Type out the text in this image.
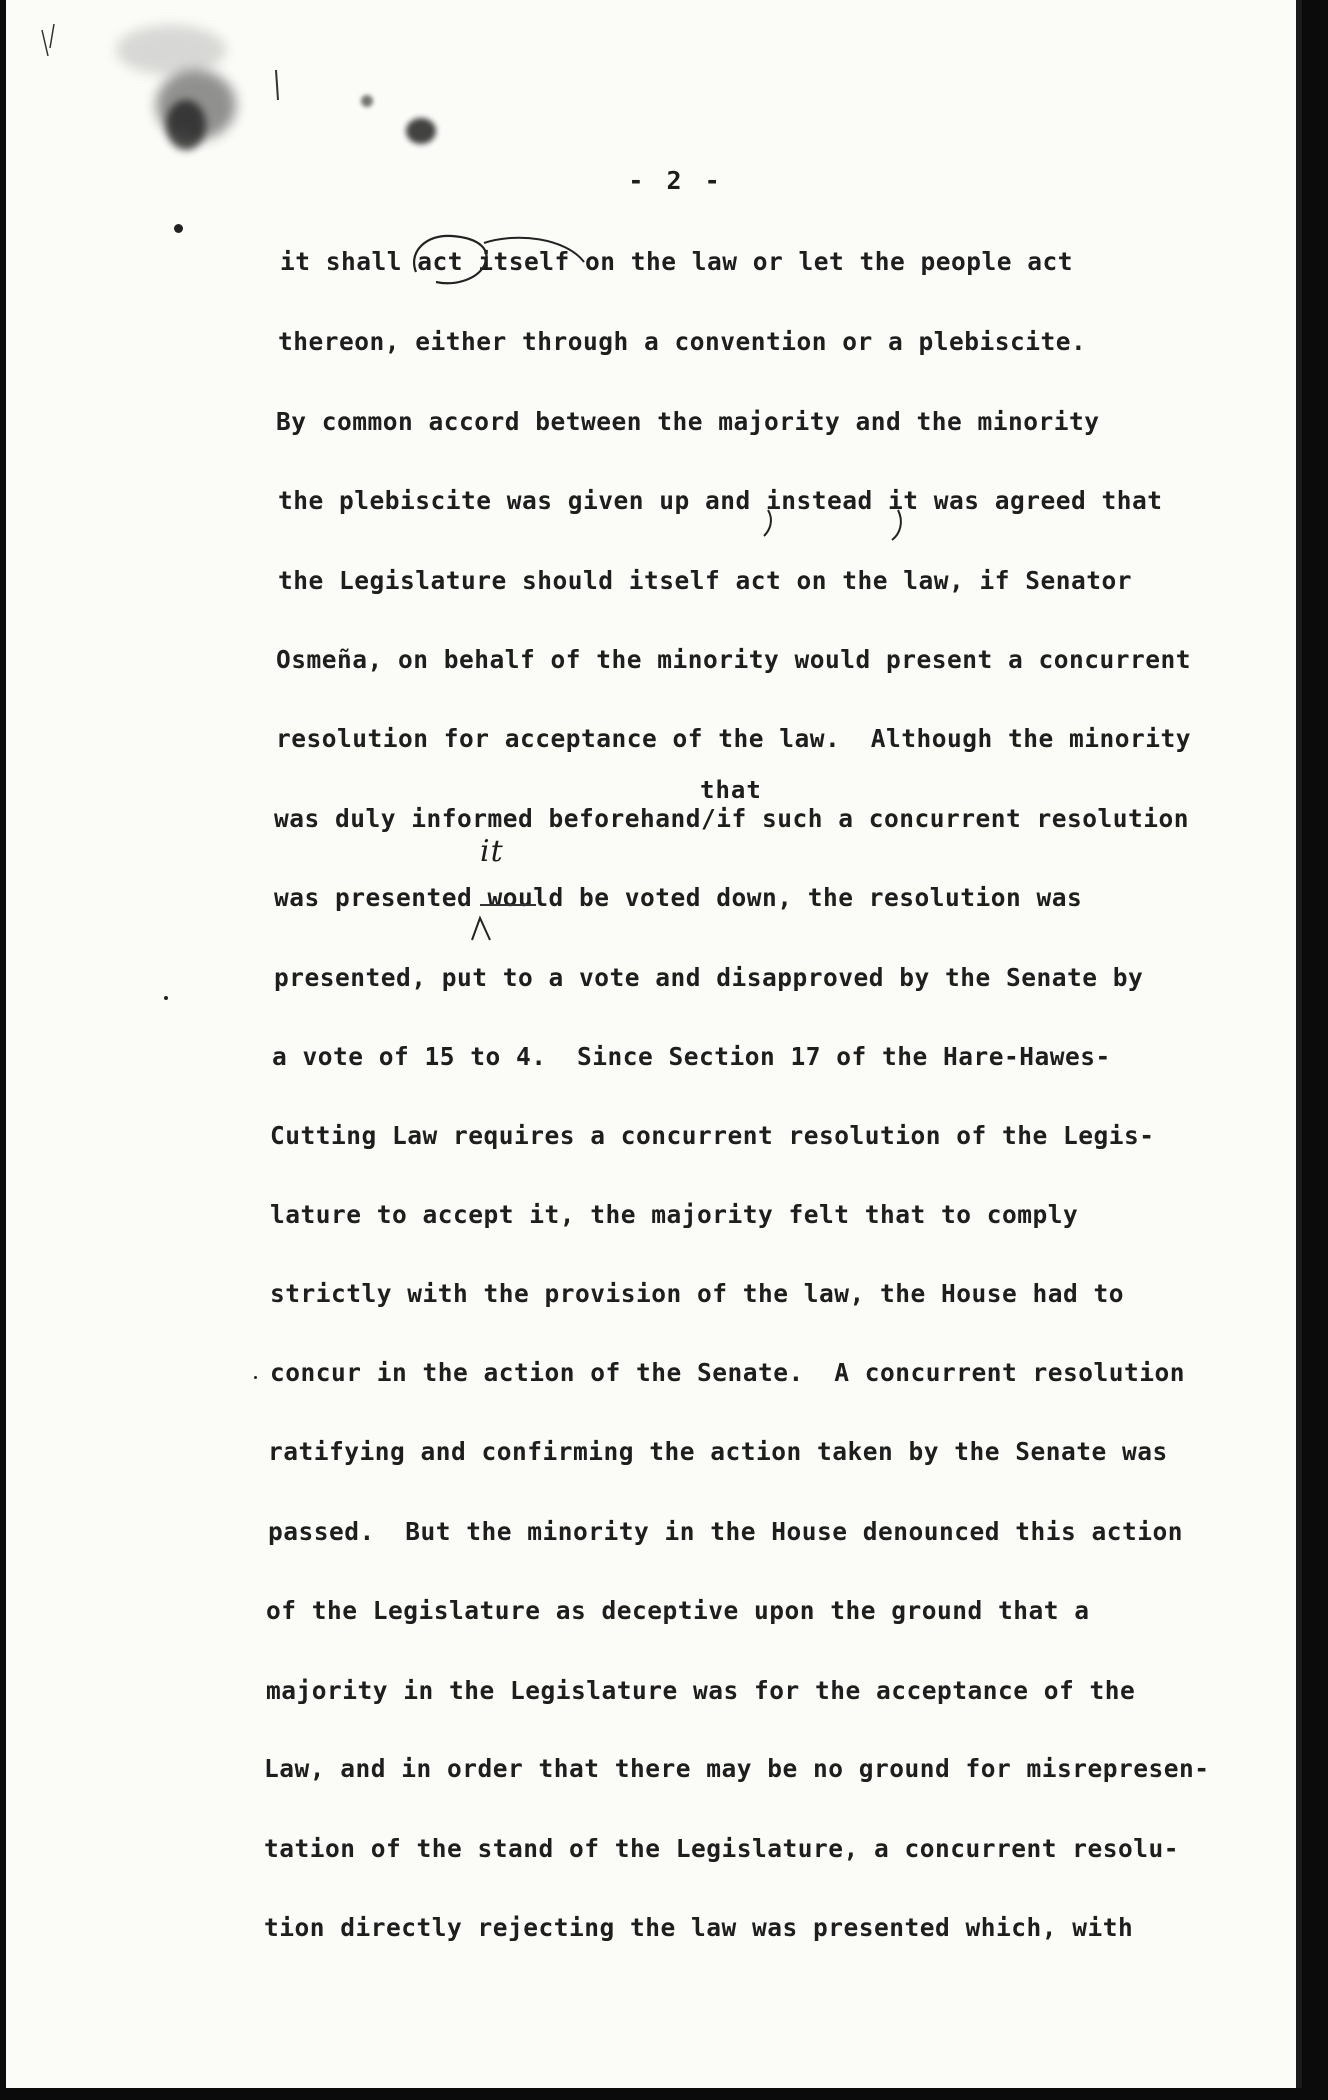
- 2 -
it shall act itself on the law or let the people act
thereon, either through a convention or a plebiscite.
By common accord between the majority and the minority
the plebiscite was given up and instead it was agreed that
the Legislature should itself act on the law, if Senator
Osmeña, on behalf of the minority would present a concurrent
resolution for acceptance of the law.  Although the minority
was duly informed beforehand/if such a concurrent resolution
was presented would be voted down, the resolution was
presented, put to a vote and disapproved by the Senate by
a vote of 15 to 4.  Since Section 17 of the Hare-Hawes-
Cutting Law requires a concurrent resolution of the Legis-
lature to accept it, the majority felt that to comply
strictly with the provision of the law, the House had to
concur in the action of the Senate.  A concurrent resolution
ratifying and confirming the action taken by the Senate was
passed.  But the minority in the House denounced this action
of the Legislature as deceptive upon the ground that a
majority in the Legislature was for the acceptance of the
Law, and in order that there may be no ground for misrepresen-
tation of the stand of the Legislature, a concurrent resolu-
tion directly rejecting the law was presented which, with
that
it
